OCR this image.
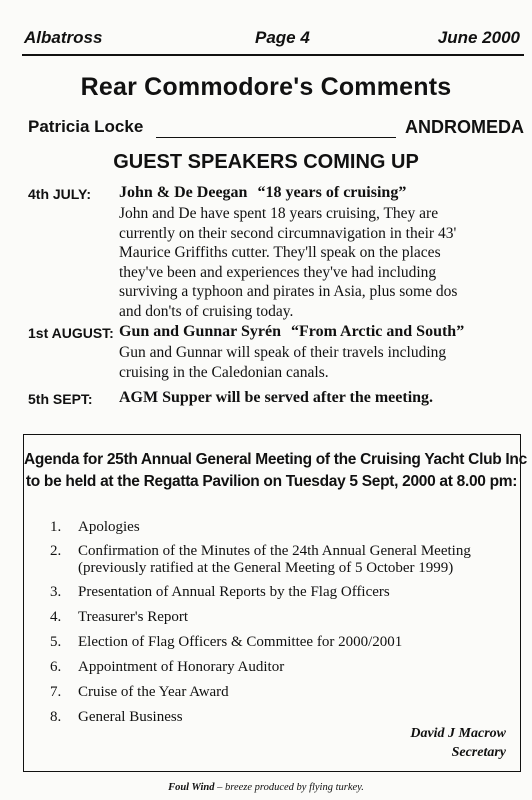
Albatross	Page 4	June 2000
Rear Commodore's Comments
Patricia Locke	ANDROMEDA
GUEST SPEAKERS COMING UP
4th JULY: John & De Deegan “18 years of cruising”
John and De have spent 18 years cruising, They are
currently on their second circumnavigation in their 43'
Maurice Griffiths cutter. They'll speak on the places
they've been and experiences they've had including
surviving a typhoon and pirates in Asia, plus some dos
and don'ts of cruising today.
1st AUGUST: Gun and Gunnar Syrén “From Arctic and South”
Gun and Gunnar will speak of their travels including
cruising in the Caledonian canals.
5th SEPT: AGM Supper will be served after the meeting.
Agenda for 25th Annual General Meeting of the Cruising Yacht Club Inc
to be held at the Regatta Pavilion on Tuesday 5 Sept, 2000 at 8.00 pm:
1.	Apologies
2.	Confirmation of the Minutes of the 24th Annual General Meeting
(previously ratified at the General Meeting of 5 October 1999)
3.	Presentation of Annual Reports by the Flag Officers
4.	Treasurer's Report
5.	Election of Flag Officers & Committee for 2000/2001
6.	Appointment of Honorary Auditor
7.	Cruise of the Year Award
8.	General Business
David J Macrow
Secretary
Foul Wind – breeze produced by flying turkey.
